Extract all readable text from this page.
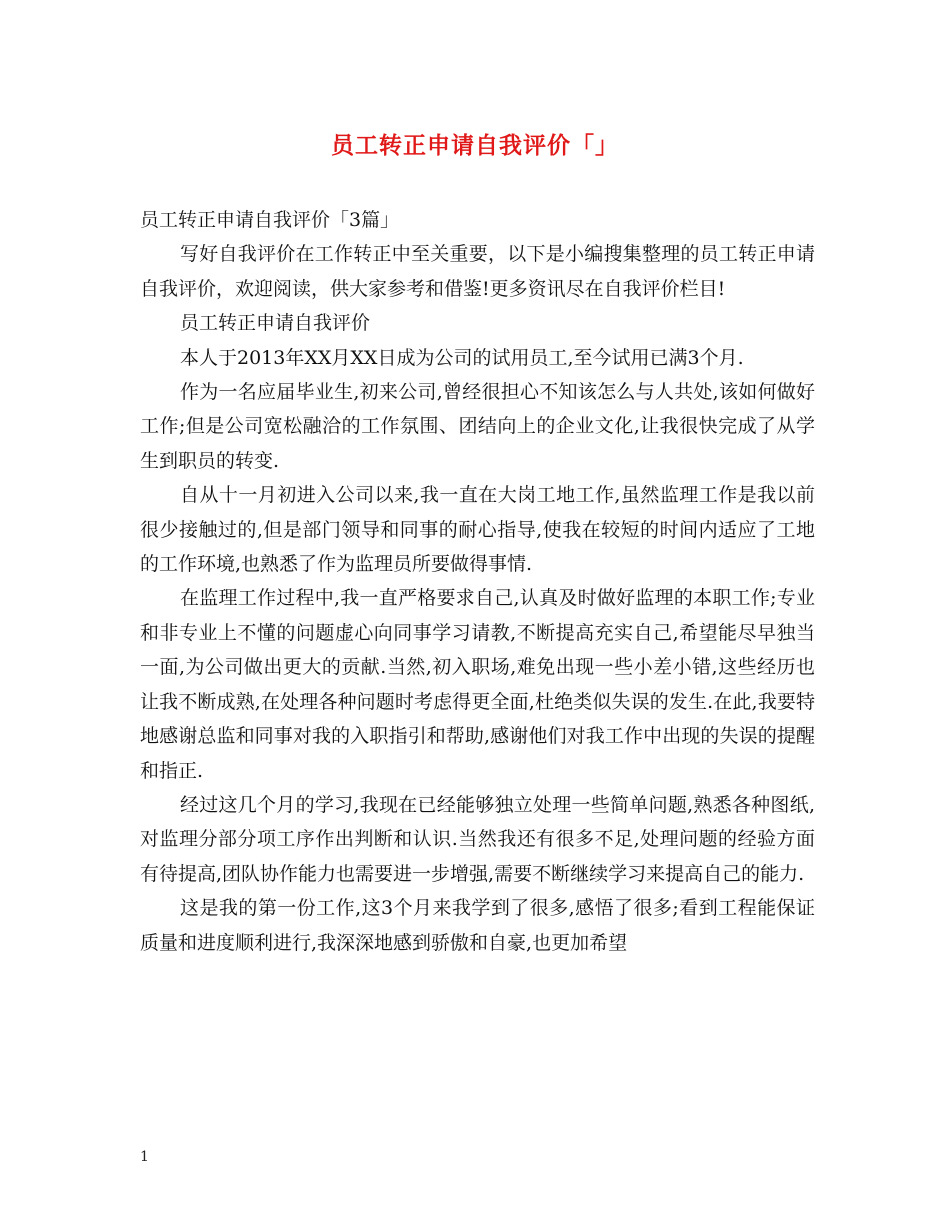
员工转正申请自我评价「」

员工转正申请自我评价「3篇」

写好自我评价在工作转正中至关重要，以下是小编搜集整理的员工转正申请自我评价，欢迎阅读，供大家参考和借鉴!更多资讯尽在自我评价栏目!

员工转正申请自我评价

本人于2013年XX月XX日成为公司的试用员工,至今试用已满3个月.

作为一名应届毕业生,初来公司,曾经很担心不知该怎么与人共处,该如何做好工作;但是公司宽松融洽的工作氛围、团结向上的企业文化,让我很快完成了从学生到职员的转变.

自从十一月初进入公司以来,我一直在大岗工地工作,虽然监理工作是我以前很少接触过的,但是部门领导和同事的耐心指导,使我在较短的时间内适应了工地的工作环境,也熟悉了作为监理员所要做得事情.

在监理工作过程中,我一直严格要求自己,认真及时做好监理的本职工作;专业和非专业上不懂的问题虚心向同事学习请教,不断提高充实自己,希望能尽早独当一面,为公司做出更大的贡献.当然,初入职场,难免出现一些小差小错,这些经历也让我不断成熟,在处理各种问题时考虑得更全面,杜绝类似失误的发生.在此,我要特地感谢总监和同事对我的入职指引和帮助,感谢他们对我工作中出现的失误的提醒和指正.

经过这几个月的学习,我现在已经能够独立处理一些简单问题,熟悉各种图纸,对监理分部分项工序作出判断和认识.当然我还有很多不足,处理问题的经验方面有待提高,团队协作能力也需要进一步增强,需要不断继续学习来提高自己的能力.

这是我的第一份工作,这3个月来我学到了很多,感悟了很多;看到工程能保证质量和进度顺利进行,我深深地感到骄傲和自豪,也更加希望

1
